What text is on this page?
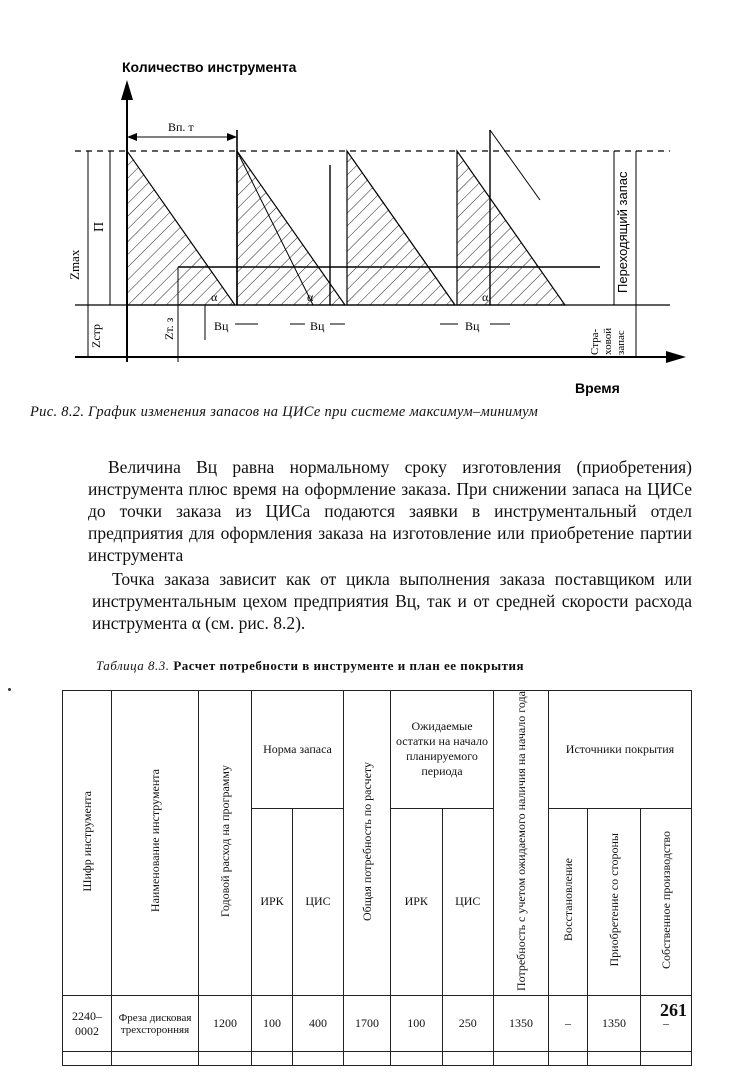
Количество инструмента
Время
Bп. т
Zmax
П
Zстр	Zт. з	Bц	Bц	Bц
α	α	α
Переходящий запас
Стра-ховойзапас
Рис. 8.2. График изменения запасов на ЦИСе при системе максимум–минимум
Величина Bц равна нормальному сроку изготовления (приобретения) инструмента плюс время на оформление заказа. При снижении запаса на ЦИСе до точки заказа из ЦИСа подаются заявки в инструментальный отдел предприятия для оформления заказа на изготовление или приобретение партии инструмента
Точка заказа зависит как от цикла выполнения заказа поставщиком или инструментальным цехом предприятия Bц, так и от средней скорости расхода инструмента α (см. рис. 8.2).
Таблица 8.3. Расчет потребности в инструменте и план ее покрытия
Шифр инструмента	Наименование инструмента	Годовой расход на программу	Норма запаса		Общая потребность по расчету	Ожидаемые остатки на начало планируемого периода		Потребность с учетом ожидаемого наличия на начало года	Источники покрытия		
			ИРК	ЦИС		ИРК	ЦИС		Восстановление	Приобретение со стороны	Собственное производство
2240–0002	Фреза дисковая трехсторонняя	1200	100	400	1700	100	250	1350	–	1350	–

261
